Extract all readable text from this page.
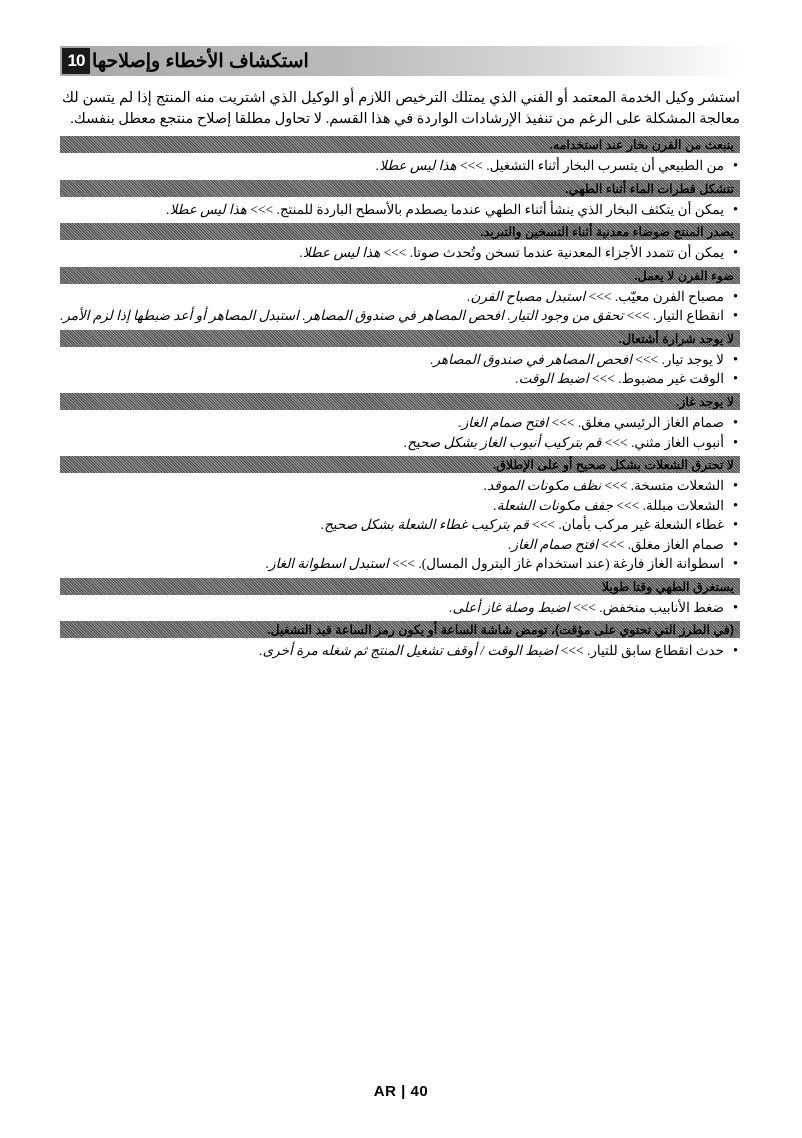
10 استكشاف الأخطاء وإصلاحها
استشر وكيل الخدمة المعتمد أو الفني الذي يمتلك الترخيص اللازم أو الوكيل الذي اشتريت منه المنتج إذا لم يتسن لك معالجة المشكلة على الرغم من تنفيذ الإرشادات الواردة في هذا القسم. لا تحاول مطلقا إصلاح منتجع معطل بنفسك.
ينبعث من الفرن بخار عند استخدامه.
● من الطبيعي أن يتسرب البخار أثناء التشغيل. >>> هذا ليس عطلا.
تتشكل قطرات الماء أثناء الطهي.
● يمكن أن يتكثف البخار الذي ينشأ أثناء الطهي عندما يصطدم بالأسطح الباردة للمنتج. >>> هذا ليس عطلا.
يصدر المنتج ضوضاء معدنية أثناء التسخين والتبريد.
● يمكن أن تتمدد الأجزاء المعدنية عندما تسخن وتُحدث صوتا. >>> هذا ليس عطلا.
ضوء الفرن لا يعمل.
● مصباح الفرن معيّب. >>> استبدل مصباح الفرن.
● انقطاع التيار. >>> تحقق من وجود التيار. افحص المصاهر في صندوق المصاهر. استبدل المصاهر أو أعد ضبطها إذا لزم الأمر.
لا يوجد شرارة أشتعال.
● لا يوجد تيار. >>> افحص المصاهر في صندوق المصاهر.
● الوقت غير مضبوط. >>> اضبط الوقت.
لا يوجد غاز.
● صمام الغاز الرئيسي مغلق. >>> افتح صمام الغاز.
● أنبوب الغاز مثني. >>> قم بتركيب أنبوب الغاز بشكل صحيح.
لا تحترق الشعلات بشكل صحيح أو على الإطلاق.
● الشعلات متسخة. >>> نظف مكونات الموقد.
● الشعلات مبللة. >>> جفف مكونات الشعلة.
● غطاء الشعلة غير مركب بأمان. >>> قم بتركيب غطاء الشعلة بشكل صحيح.
● صمام الغاز مغلق. >>> افتح صمام الغاز.
● اسطوانة الغاز فارغة (عند استخدام غاز البترول المسال). >>> استبدل اسطوانة الغاز.
يستغرق الطهي وقتا طويلا
● ضغط الأنابيب منخفض. >>> اضبط وصلة غاز أعلى.
(في الطرز التي تحتوي على مؤقت)، تومض شاشة الساعة أو يكون رمز الساعة قيد التشغيل.
● حدث انقطاع سابق للتيار. >>> اضبط الوقت / أوقف تشغيل المنتج ثم شغله مرة أخرى.
AR | 40
